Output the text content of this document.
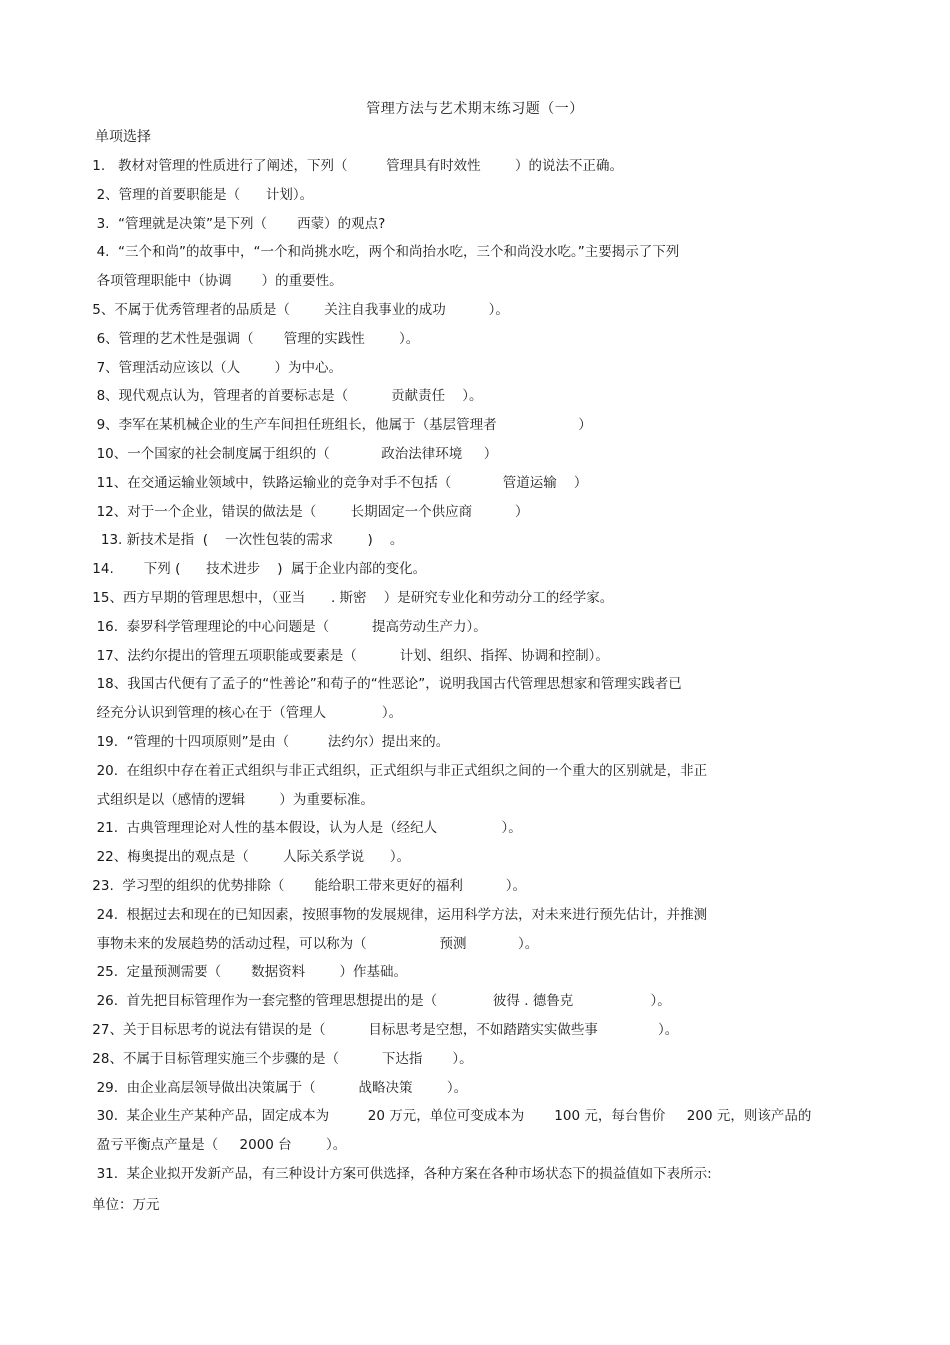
管理方法与艺术期末练习题（一）
单项选择
1.   教材对管理的性质进行了阐述，下列（         管理具有时效性        ）的说法不正确。
2、管理的首要职能是（      计划）。
3.  “管理就是决策”是下列（       西蒙）的观点?
4.  “三个和尚”的故事中，“一个和尚挑水吃，两个和尚抬水吃，三个和尚没水吃。”主要揭示了下列
各项管理职能中（协调       ）的重要性。
5、不属于优秀管理者的品质是（        关注自我事业的成功          ）。
6、管理的艺术性是强调（       管理的实践性        ）。
7、管理活动应该以（人        ）为中心。
8、现代观点认为，管理者的首要标志是（          贡献责任    ）。
9、李军在某机械企业的生产车间担任班组长，他属于（基层管理者                   ）
10、一个国家的社会制度属于组织的（            政治法律环境     ）
11、在交通运输业领域中，铁路运输业的竞争对手不包括（            管道运输    ）
12、对于一个企业，错误的做法是（        长期固定一个供应商          ）
13. 新技术是指  (    一次性包装的需求        )    。
14.       下列 (      技术进步    )  属于企业内部的变化。
15、西方早期的管理思想中，（亚当      . 斯密    ）是研究专业化和劳动分工的经学家。
16.  泰罗科学管理理论的中心问题是（          提高劳动生产力）。
17、法约尔提出的管理五项职能或要素是（          计划、组织、指挥、协调和控制）。
18、我国古代便有了孟子的“性善论”和荀子的“性恶论”，说明我国古代管理思想家和管理实践者已
经充分认识到管理的核心在于（管理人             ）。
19.  “管理的十四项原则”是由（         法约尔）提出来的。
20.  在组织中存在着正式组织与非正式组织，正式组织与非正式组织之间的一个重大的区别就是，非正
式组织是以（感情的逻辑        ）为重要标准。
21.  古典管理理论对人性的基本假设，认为人是（经纪人               ）。
22、梅奥提出的观点是（        人际关系学说      ）。
23.  学习型的组织的优势排除（       能给职工带来更好的福利          ）。
24.  根据过去和现在的已知因素，按照事物的发展规律，运用科学方法，对未来进行预先估计，并推测
事物未来的发展趋势的活动过程，可以称为（                 预测            ）。
25.  定量预测需要（       数据资料        ）作基础。
26.  首先把目标管理作为一套完整的管理思想提出的是（             彼得 . 德鲁克                  ）。
27、关于目标思考的说法有错误的是（          目标思考是空想，不如踏踏实实做些事              ）。
28、不属于目标管理实施三个步骤的是（          下达指       ）。
29.  由企业高层领导做出决策属于（          战略决策        ）。
30.  某企业生产某种产品，固定成本为         20 万元，单位可变成本为       100 元，每台售价     200 元，则该产品的
盈亏平衡点产量是（     2000 台        ）。
31.  某企业拟开发新产品，有三种设计方案可供选择，各种方案在各种市场状态下的损益值如下表所示:
单位：万元
